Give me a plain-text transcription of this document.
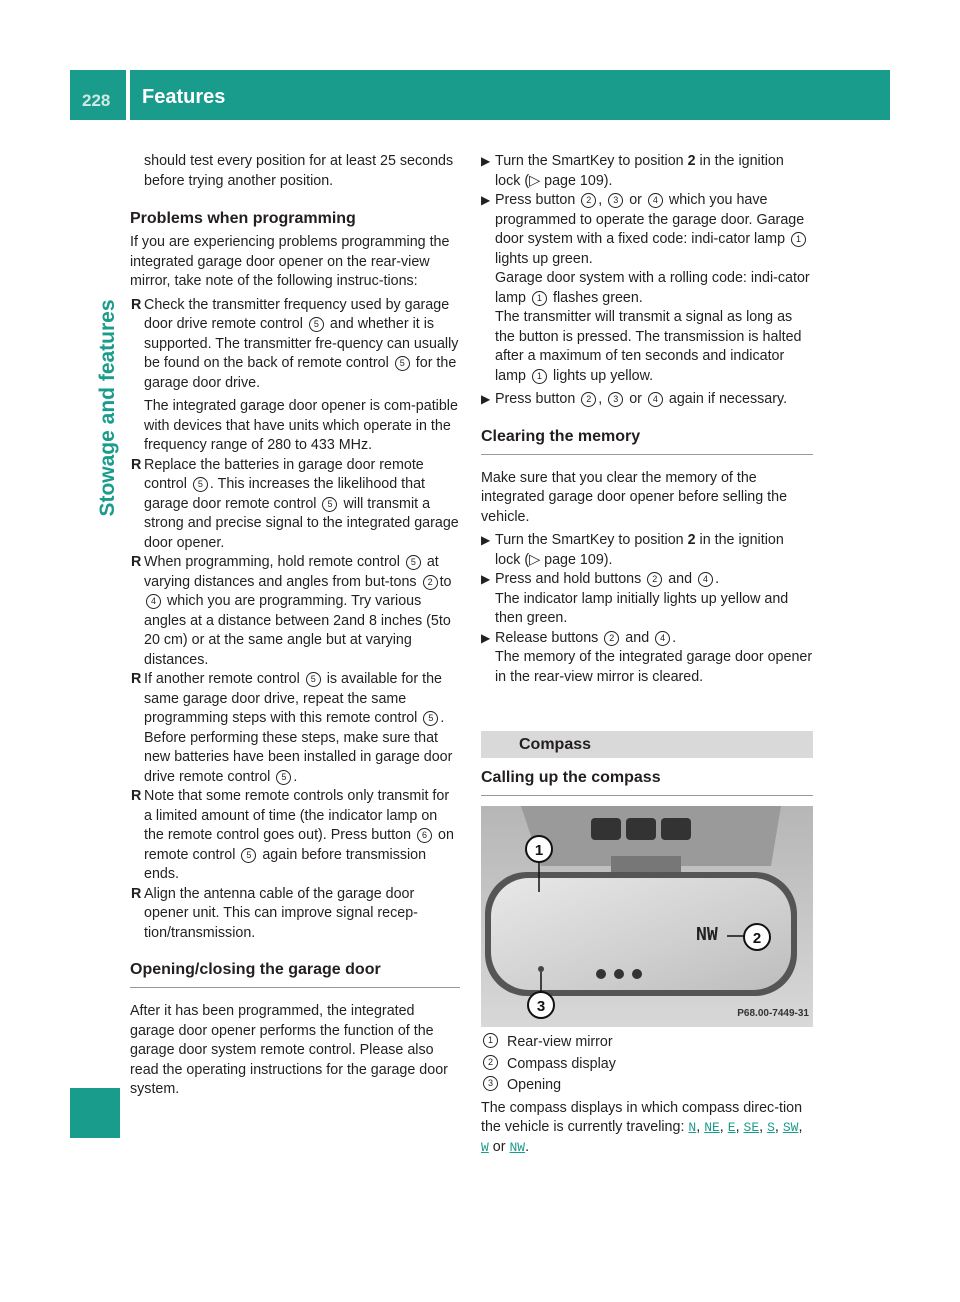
228 Features
Stowage and features

should test every position for at least 25 seconds before trying another position.

Problems when programming

If you are experiencing problems programming the integrated garage door opener on the rear-view mirror, take note of the following instruc-tions:

R Check the transmitter frequency used by garage door drive remote control 5 and whether it is supported. The transmitter fre-quency can usually be found on the back of remote control 5 for the garage door drive.

The integrated garage door opener is com-patible with devices that have units which operate in the frequency range of 280 to 433 MHz.

R Replace the batteries in garage door remote control 5 . This increases the likelihood that garage door remote control 5 will transmit a strong and precise signal to the integrated garage door opener.
R When programming, hold remote control 5 at varying distances and angles from but-tons 2 to 4 which you are programming. Try various angles at a distance between 2and 8 inches (5to 20 cm) or at the same angle but at varying distances.
R If another remote control 5 is available for the same garage door drive, repeat the same programming steps with this remote control 5 . Before performing these steps, make sure that new batteries have been installed in garage door drive remote control 5 .
R Note that some remote controls only transmit for a limited amount of time (the indicator lamp on the remote control goes out). Press button 6 on remote control 5 again before transmission ends.
R Align the antenna cable of the garage door opener unit. This can improve signal recep-tion/transmission.

Opening/closing the garage door

After it has been programmed, the integrated garage door opener performs the function of the garage door system remote control. Please also read the operating instructions for the garage door system.

▶ Turn the SmartKey to position 2 in the ignition lock (▷ page 109).
▶ Press button 2 , 3 or 4 which you have programmed to operate the garage door. Garage door system with a fixed code: indi-cator lamp 1 lights up green.

Garage door system with a rolling code: indi-cator lamp 1 flashes green.

The transmitter will transmit a signal as long as the button is pressed. The transmission is halted after a maximum of ten seconds and indicator lamp 1 lights up yellow.

▶ Press button 2 , 3 or 4 again if necessary.

Clearing the memory

Make sure that you clear the memory of the integrated garage door opener before selling the vehicle.

▶ Turn the SmartKey to position 2 in the ignition lock (▷ page 109).
▶ Press and hold buttons 2 and 4 .
The indicator lamp initially lights up yellow and then green.
▶ Release buttons 2 and 4 .
The memory of the integrated garage door opener in the rear-view mirror is cleared.

Compass

Calling up the compass

NW
1
2
3	P68.00-7449-31

1 Rear-view mirror

2 Compass display

3 Opening

The compass displays in which compass direc-tion the vehicle is currently traveling: N, NE, E, SE, S, SW, W or NW.
